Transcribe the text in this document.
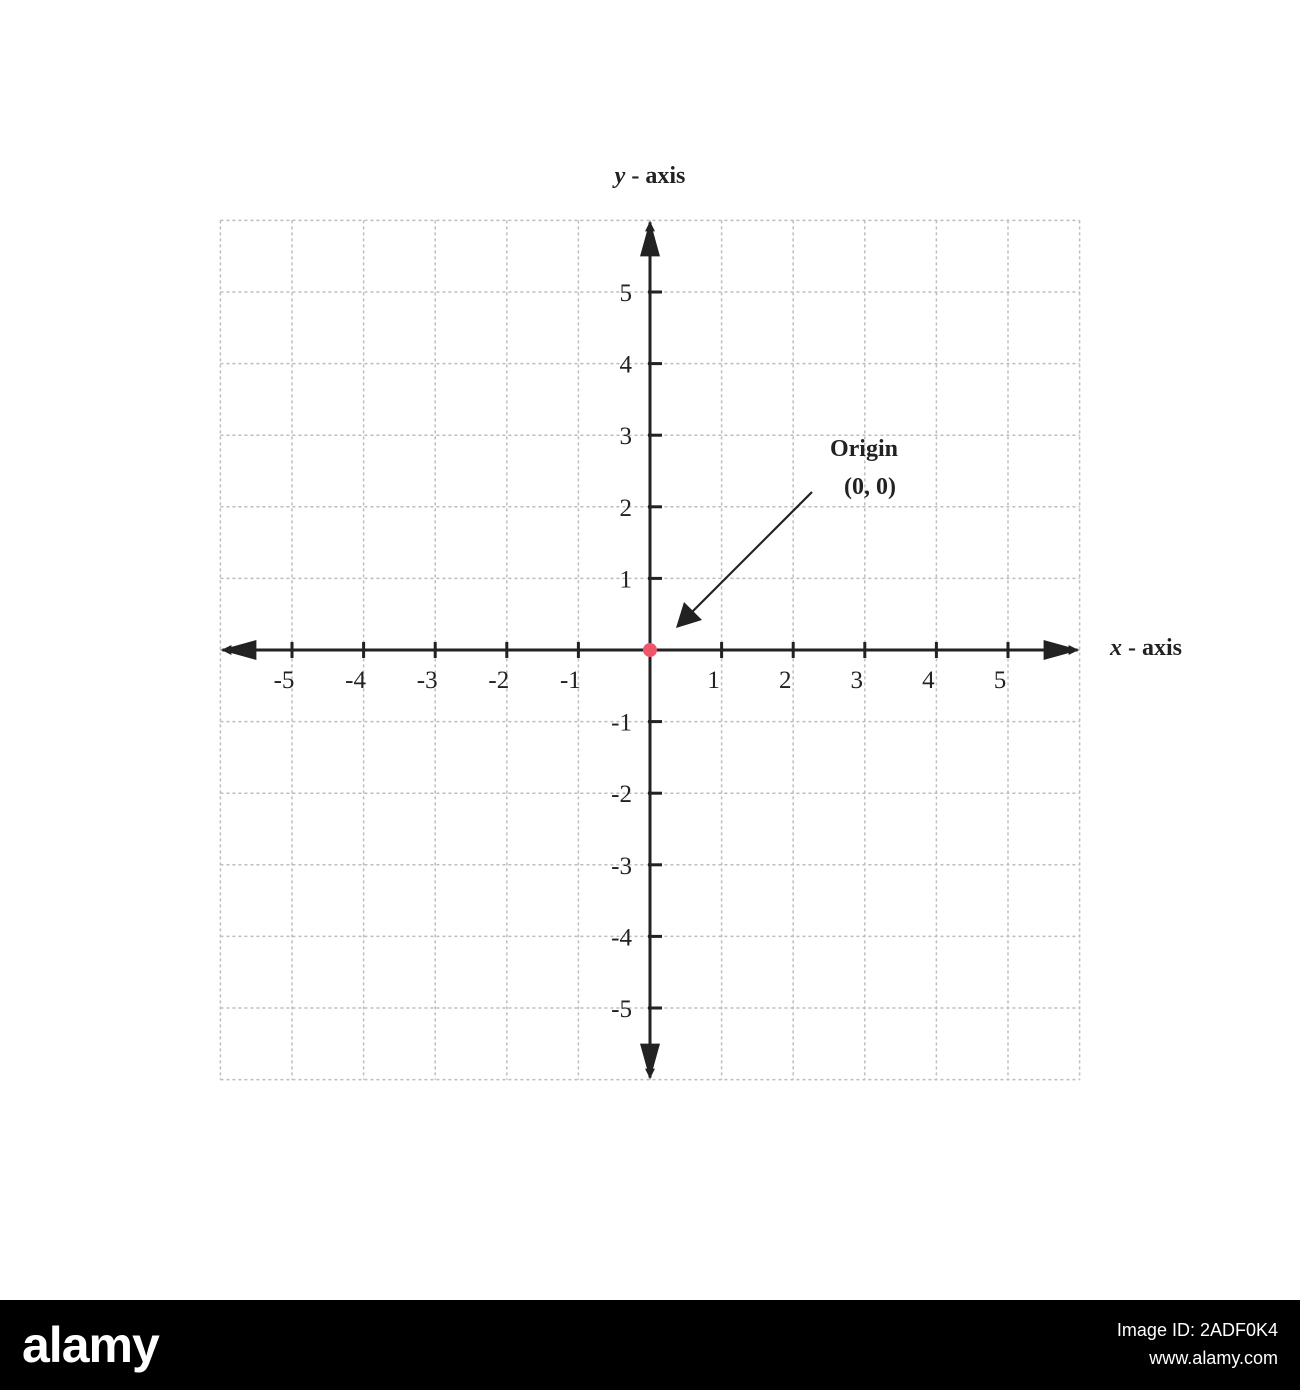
-5 -4 -3 -2 -1	1 2 3 4 5
5
4
3
2
1
-1
-2
-3
-4
-5
y - axis
x - axis
Origin
(0, 0)
alamy	Image ID: 2ADF0K4
www.alamy.com
